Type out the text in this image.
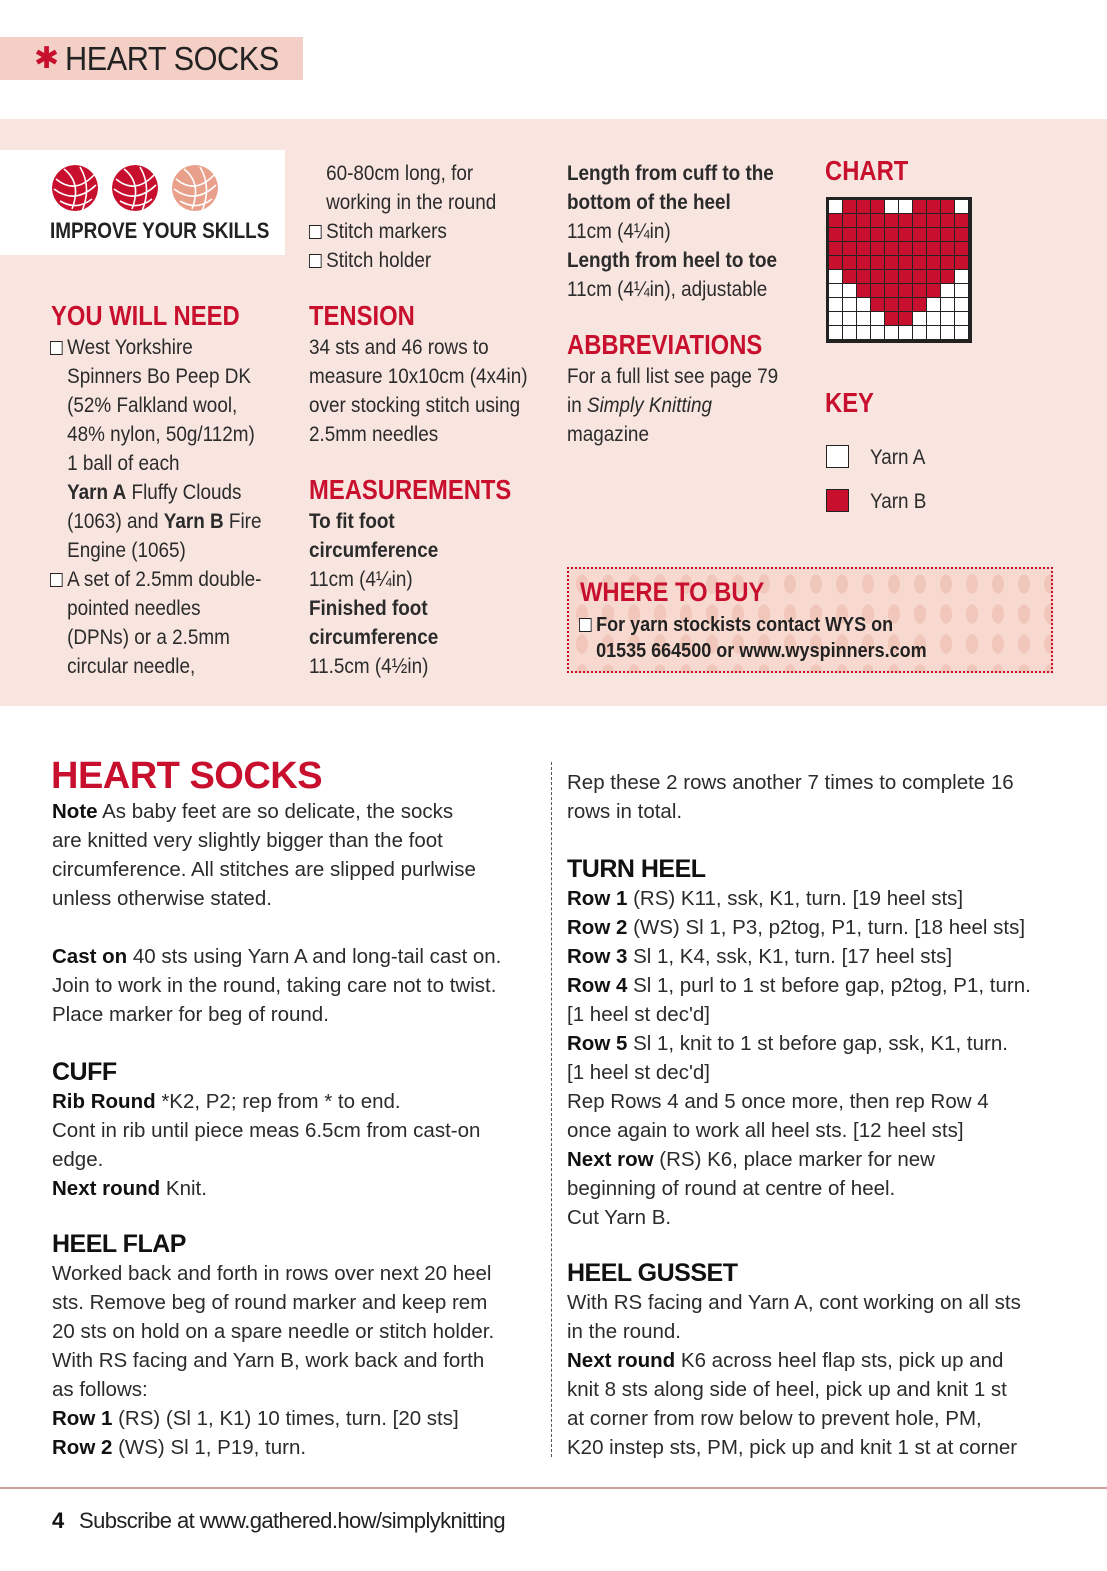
✱ HEART SOCKS
IMPROVE YOUR SKILLS
YOU WILL NEED
West Yorkshire
Spinners Bo Peep DK
(52% Falkland wool,
48% nylon, 50g/112m)
1 ball of each
Yarn A Fluffy Clouds
(1063) and Yarn B Fire
Engine (1065)
A set of 2.5mm double-
pointed needles
(DPNs) or a 2.5mm
circular needle,
60-80cm long, for
working in the round
Stitch markers
Stitch holder
TENSION
34 sts and 46 rows to
measure 10x10cm (4x4in)
over stocking stitch using
2.5mm needles
MEASUREMENTS
To fit foot
circumference
11cm (4¼in)
Finished foot
circumference
11.5cm (4½in)
Length from cuff to the
bottom of the heel
11cm (4¼in)
Length from heel to toe
11cm (4¼in), adjustable
ABBREVIATIONS
For a full list see page 79
in Simply Knitting
magazine
CHART
KEY
Yarn A
Yarn B
WHERE TO BUY
For yarn stockists contact WYS on
01535 664500 or www.wyspinners.com
HEART SOCKS
Note As baby feet are so delicate, the socks
are knitted very slightly bigger than the foot
circumference. All stitches are slipped purlwise
unless otherwise stated.
Cast on 40 sts using Yarn A and long-tail cast on.
Join to work in the round, taking care not to twist.
Place marker for beg of round.
CUFF
Rib Round *K2, P2; rep from * to end.
Cont in rib until piece meas 6.5cm from cast-on
edge.
Next round Knit.
HEEL FLAP
Worked back and forth in rows over next 20 heel
sts. Remove beg of round marker and keep rem
20 sts on hold on a spare needle or stitch holder.
With RS facing and Yarn B, work back and forth
as follows:
Row 1 (RS) (Sl 1, K1) 10 times, turn. [20 sts]
Row 2 (WS) Sl 1, P19, turn.
Rep these 2 rows another 7 times to complete 16
rows in total.
TURN HEEL
Row 1 (RS) K11, ssk, K1, turn. [19 heel sts]
Row 2 (WS) Sl 1, P3, p2tog, P1, turn. [18 heel sts]
Row 3 Sl 1, K4, ssk, K1, turn. [17 heel sts]
Row 4 Sl 1, purl to 1 st before gap, p2tog, P1, turn.
[1 heel st dec'd]
Row 5 Sl 1, knit to 1 st before gap, ssk, K1, turn.
[1 heel st dec'd]
Rep Rows 4 and 5 once more, then rep Row 4
once again to work all heel sts. [12 heel sts]
Next row (RS) K6, place marker for new
beginning of round at centre of heel.
Cut Yarn B.
HEEL GUSSET
With RS facing and Yarn A, cont working on all sts
in the round.
Next round K6 across heel flap sts, pick up and
knit 8 sts along side of heel, pick up and knit 1 st
at corner from row below to prevent hole, PM,
K20 instep sts, PM, pick up and knit 1 st at corner
4 Subscribe at www.gathered.how/simplyknitting
